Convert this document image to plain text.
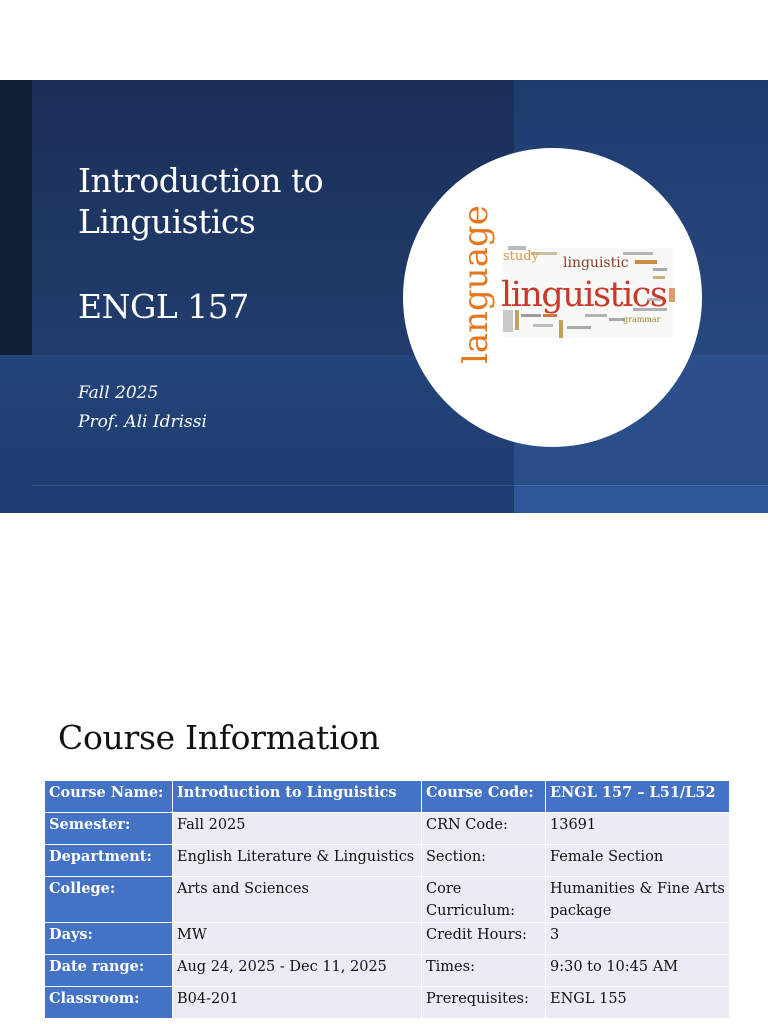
Introduction to
Linguistics
ENGL 157
Fall 2025
Prof. Ali Idrissi
language study linguistic
linguistics
grammar
Course Information
Course Name:	Introduction to Linguistics	Course Code:	ENGL 157 – L51/L52
Semester:	Fall 2025	CRN Code:	13691
Department:	English Literature & Linguistics	Section:	Female Section
College:	Arts and Sciences	Core Curriculum:	Humanities & Fine Arts package
Days:	MW	Credit Hours:	3
Date range:	Aug 24, 2025 - Dec 11, 2025	Times:	9:30 to 10:45 AM
Classroom:	B04-201	Prerequisites:	ENGL 155
